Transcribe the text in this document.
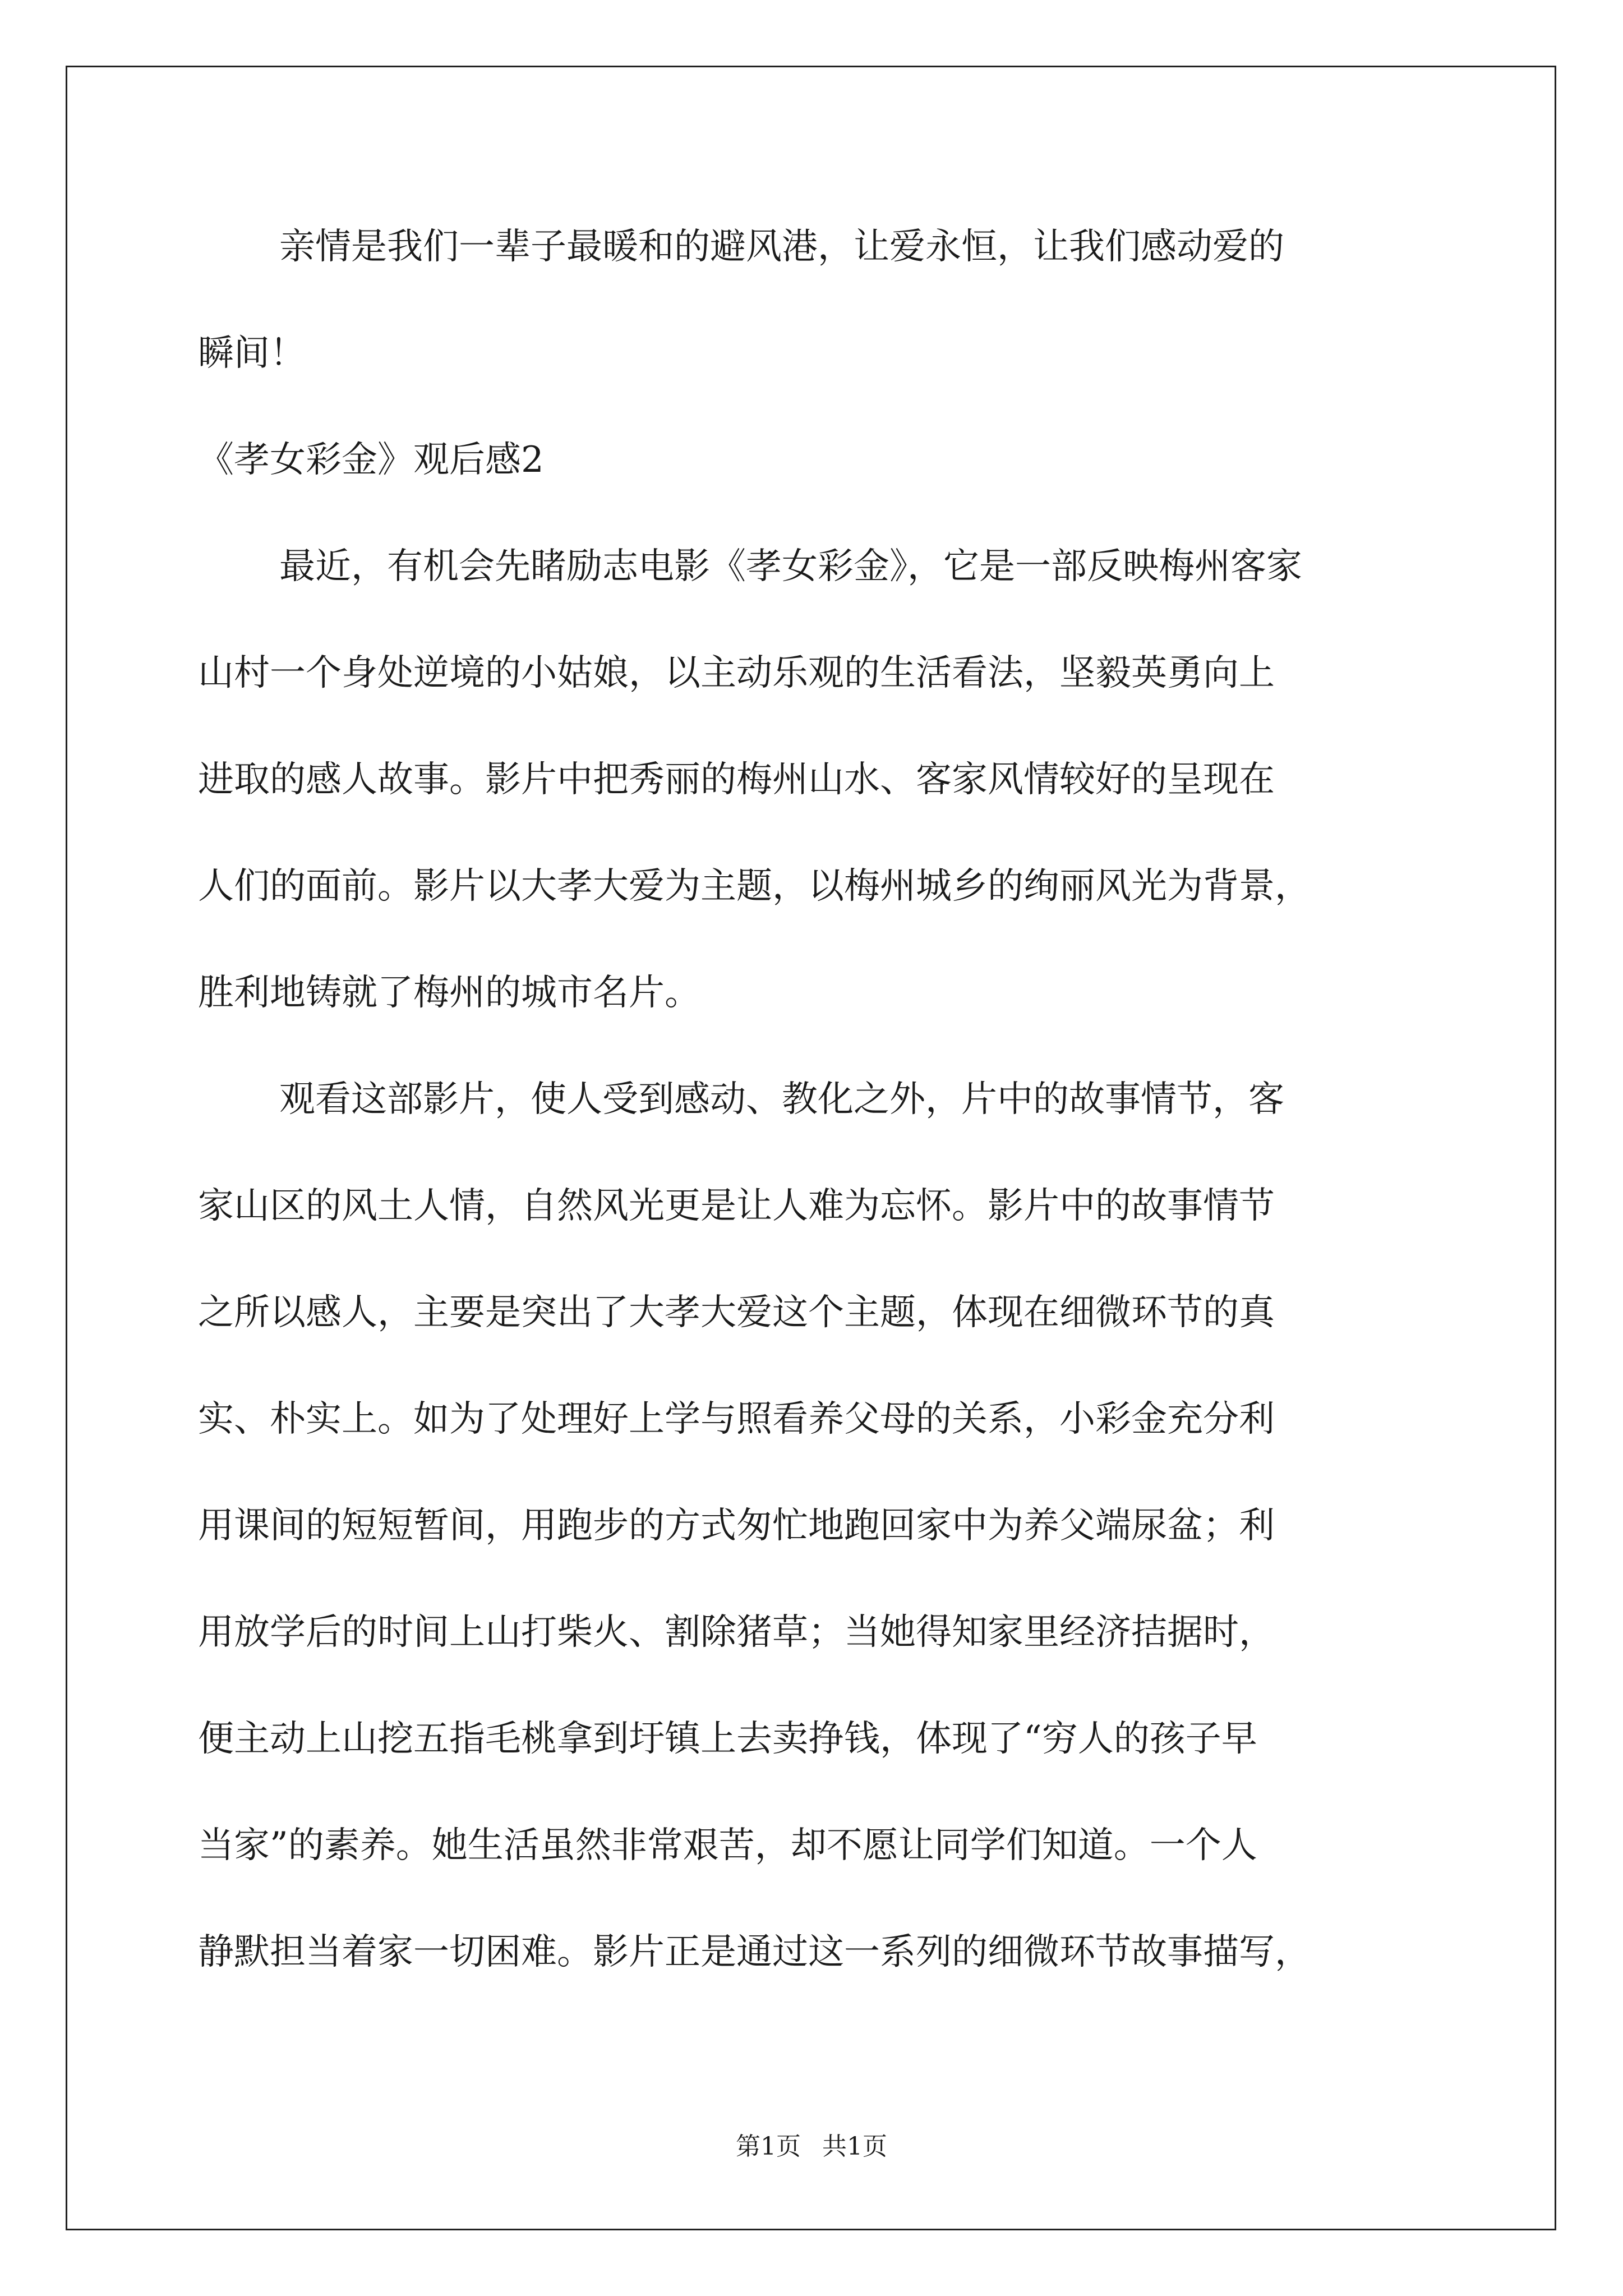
亲情是我们一辈子最暖和的避风港，让爱永恒，让我们感动爱的
瞬间！
《孝女彩金》观后感2
最近，有机会先睹励志电影《孝女彩金》，它是一部反映梅州客家
山村一个身处逆境的小姑娘，以主动乐观的生活看法，坚毅英勇向上
进取的感人故事。影片中把秀丽的梅州山水、客家风情较好的呈现在
人们的面前。影片以大孝大爱为主题，以梅州城乡的绚丽风光为背景，
胜利地铸就了梅州的城市名片。
观看这部影片，使人受到感动、教化之外，片中的故事情节，客
家山区的风土人情，自然风光更是让人难为忘怀。影片中的故事情节
之所以感人，主要是突出了大孝大爱这个主题，体现在细微环节的真
实、朴实上。如为了处理好上学与照看养父母的关系，小彩金充分利
用课间的短短暂间，用跑步的方式匆忙地跑回家中为养父端尿盆；利
用放学后的时间上山打柴火、割除猪草；当她得知家里经济拮据时，
便主动上山挖五指毛桃拿到圩镇上去卖挣钱，体现了“穷人的孩子早
当家”的素养。她生活虽然非常艰苦，却不愿让同学们知道。一个人
静默担当着家一切困难。影片正是通过这一系列的细微环节故事描写，
第1页 共1页
